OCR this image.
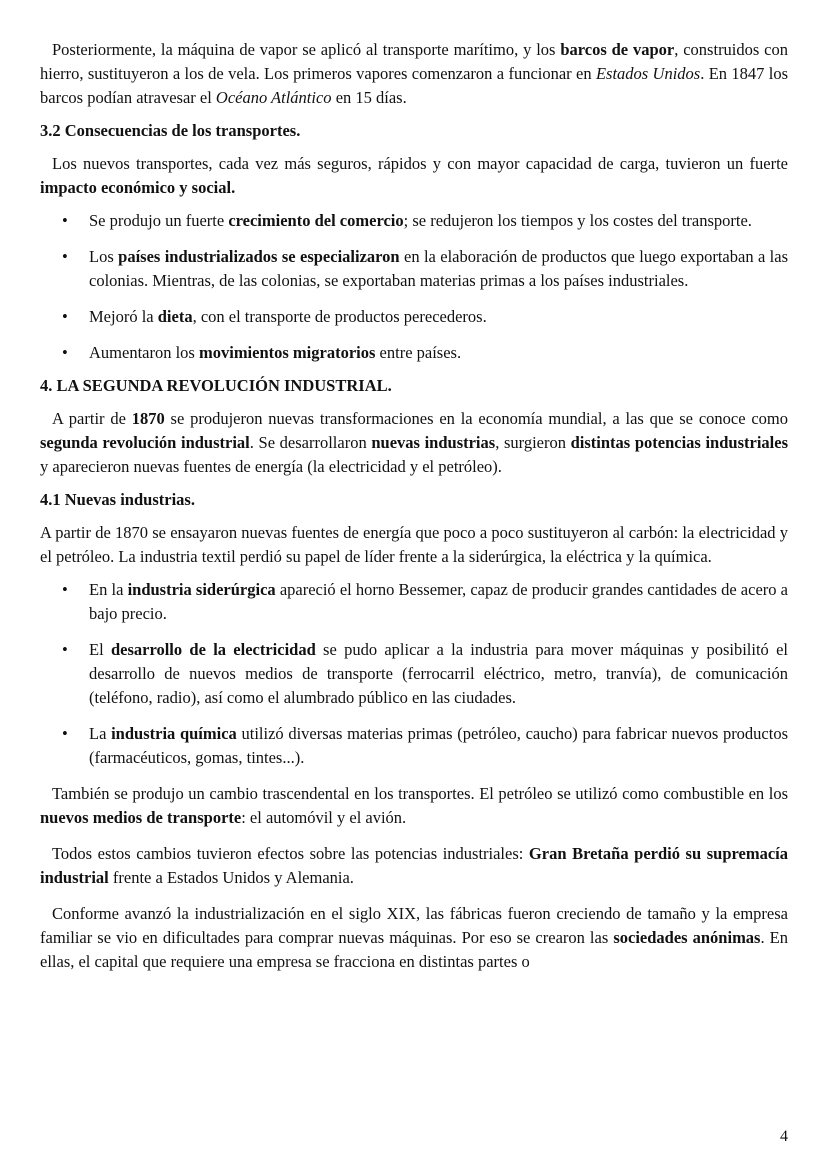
Posteriormente, la máquina de vapor se aplicó al transporte marítimo, y los barcos de vapor, construidos con hierro, sustituyeron a los de vela. Los primeros vapores comenzaron a funcionar en Estados Unidos. En 1847 los barcos podían atravesar el Océano Atlántico en 15 días.

3.2 Consecuencias de los transportes.

Los nuevos transportes, cada vez más seguros, rápidos y con mayor capacidad de carga, tuvieron un fuerte impacto económico y social.

• Se produjo un fuerte crecimiento del comercio; se redujeron los tiempos y los costes del transporte.
• Los países industrializados se especializaron en la elaboración de productos que luego exportaban a las colonias. Mientras, de las colonias, se exportaban materias primas a los países industriales.
• Mejoró la dieta, con el transporte de productos perecederos.
• Aumentaron los movimientos migratorios entre países.
4. LA SEGUNDA REVOLUCIÓN INDUSTRIAL.

A partir de 1870 se produjeron nuevas transformaciones en la economía mundial, a las que se conoce como segunda revolución industrial. Se desarrollaron nuevas industrias, surgieron distintas potencias industriales y aparecieron nuevas fuentes de energía (la electricidad y el petróleo).

4.1 Nuevas industrias.

A partir de 1870 se ensayaron nuevas fuentes de energía que poco a poco sustituyeron al carbón: la electricidad y el petróleo. La industria textil perdió su papel de líder frente a la siderúrgica, la eléctrica y la química.

• En la industria siderúrgica apareció el horno Bessemer, capaz de producir grandes cantidades de acero a bajo precio.
• El desarrollo de la electricidad se pudo aplicar a la industria para mover máquinas y posibilitó el desarrollo de nuevos medios de transporte (ferrocarril eléctrico, metro, tranvía), de comunicación (teléfono, radio), así como el alumbrado público en las ciudades.
• La industria química utilizó diversas materias primas (petróleo, caucho) para fabricar nuevos productos (farmacéuticos, gomas, tintes...).

También se produjo un cambio trascendental en los transportes. El petróleo se utilizó como combustible en los nuevos medios de transporte: el automóvil y el avión.

Todos estos cambios tuvieron efectos sobre las potencias industriales: Gran Bretaña perdió su supremacía industrial frente a Estados Unidos y Alemania.

Conforme avanzó la industrialización en el siglo XIX, las fábricas fueron creciendo de tamaño y la empresa familiar se vio en dificultades para comprar nuevas máquinas. Por eso se crearon las sociedades anónimas. En ellas, el capital que requiere una empresa se fracciona en distintas partes o

4
